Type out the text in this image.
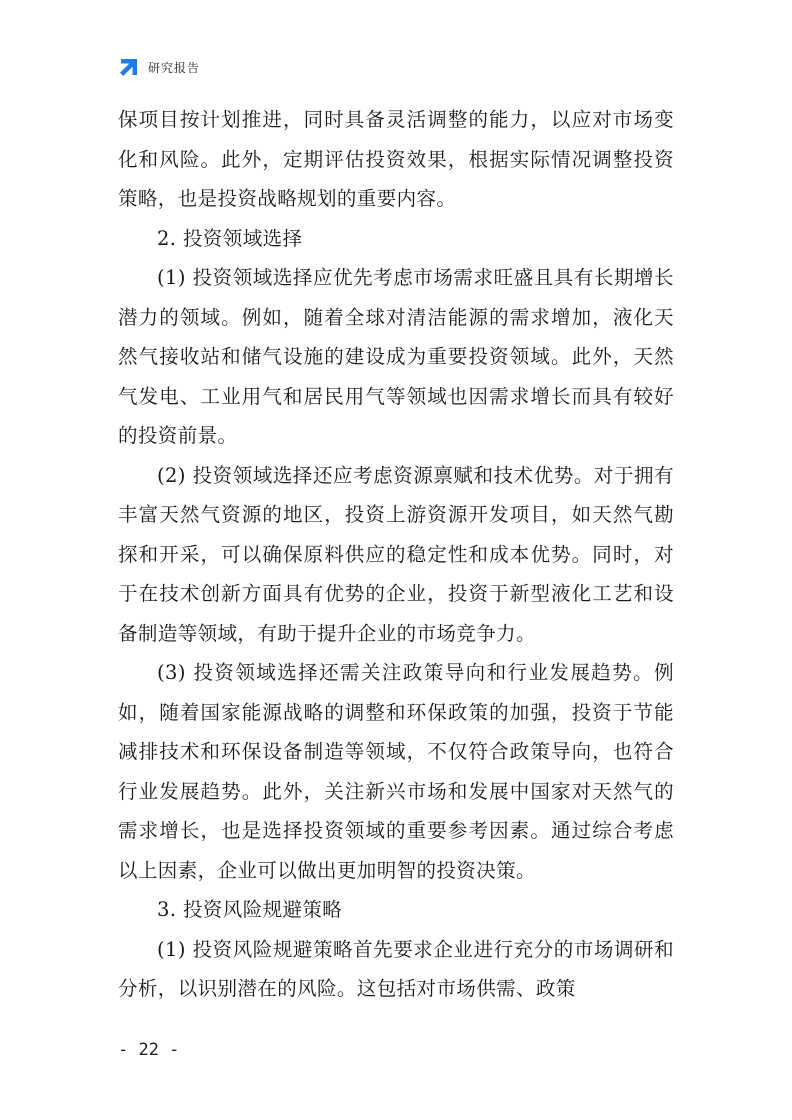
研究报告

保项目按计划推进，同时具备灵活调整的能力，以应对市场变化和风险。此外，定期评估投资效果，根据实际情况调整投资策略，也是投资战略规划的重要内容。

2. 投资领域选择

(1) 投资领域选择应优先考虑市场需求旺盛且具有长期增长潜力的领域。例如，随着全球对清洁能源的需求增加，液化天然气接收站和储气设施的建设成为重要投资领域。此外，天然气发电、工业用气和居民用气等领域也因需求增长而具有较好的投资前景。

(2) 投资领域选择还应考虑资源禀赋和技术优势。对于拥有丰富天然气资源的地区，投资上游资源开发项目，如天然气勘探和开采，可以确保原料供应的稳定性和成本优势。同时，对于在技术创新方面具有优势的企业，投资于新型液化工艺和设备制造等领域，有助于提升企业的市场竞争力。

(3) 投资领域选择还需关注政策导向和行业发展趋势。例如，随着国家能源战略的调整和环保政策的加强，投资于节能减排技术和环保设备制造等领域，不仅符合政策导向，也符合行业发展趋势。此外，关注新兴市场和发展中国家对天然气的需求增长，也是选择投资领域的重要参考因素。通过综合考虑以上因素，企业可以做出更加明智的投资决策。

3. 投资风险规避策略

(1) 投资风险规避策略首先要求企业进行充分的市场调研和分析，以识别潜在的风险。这包括对市场供需、政策

- 22 -
